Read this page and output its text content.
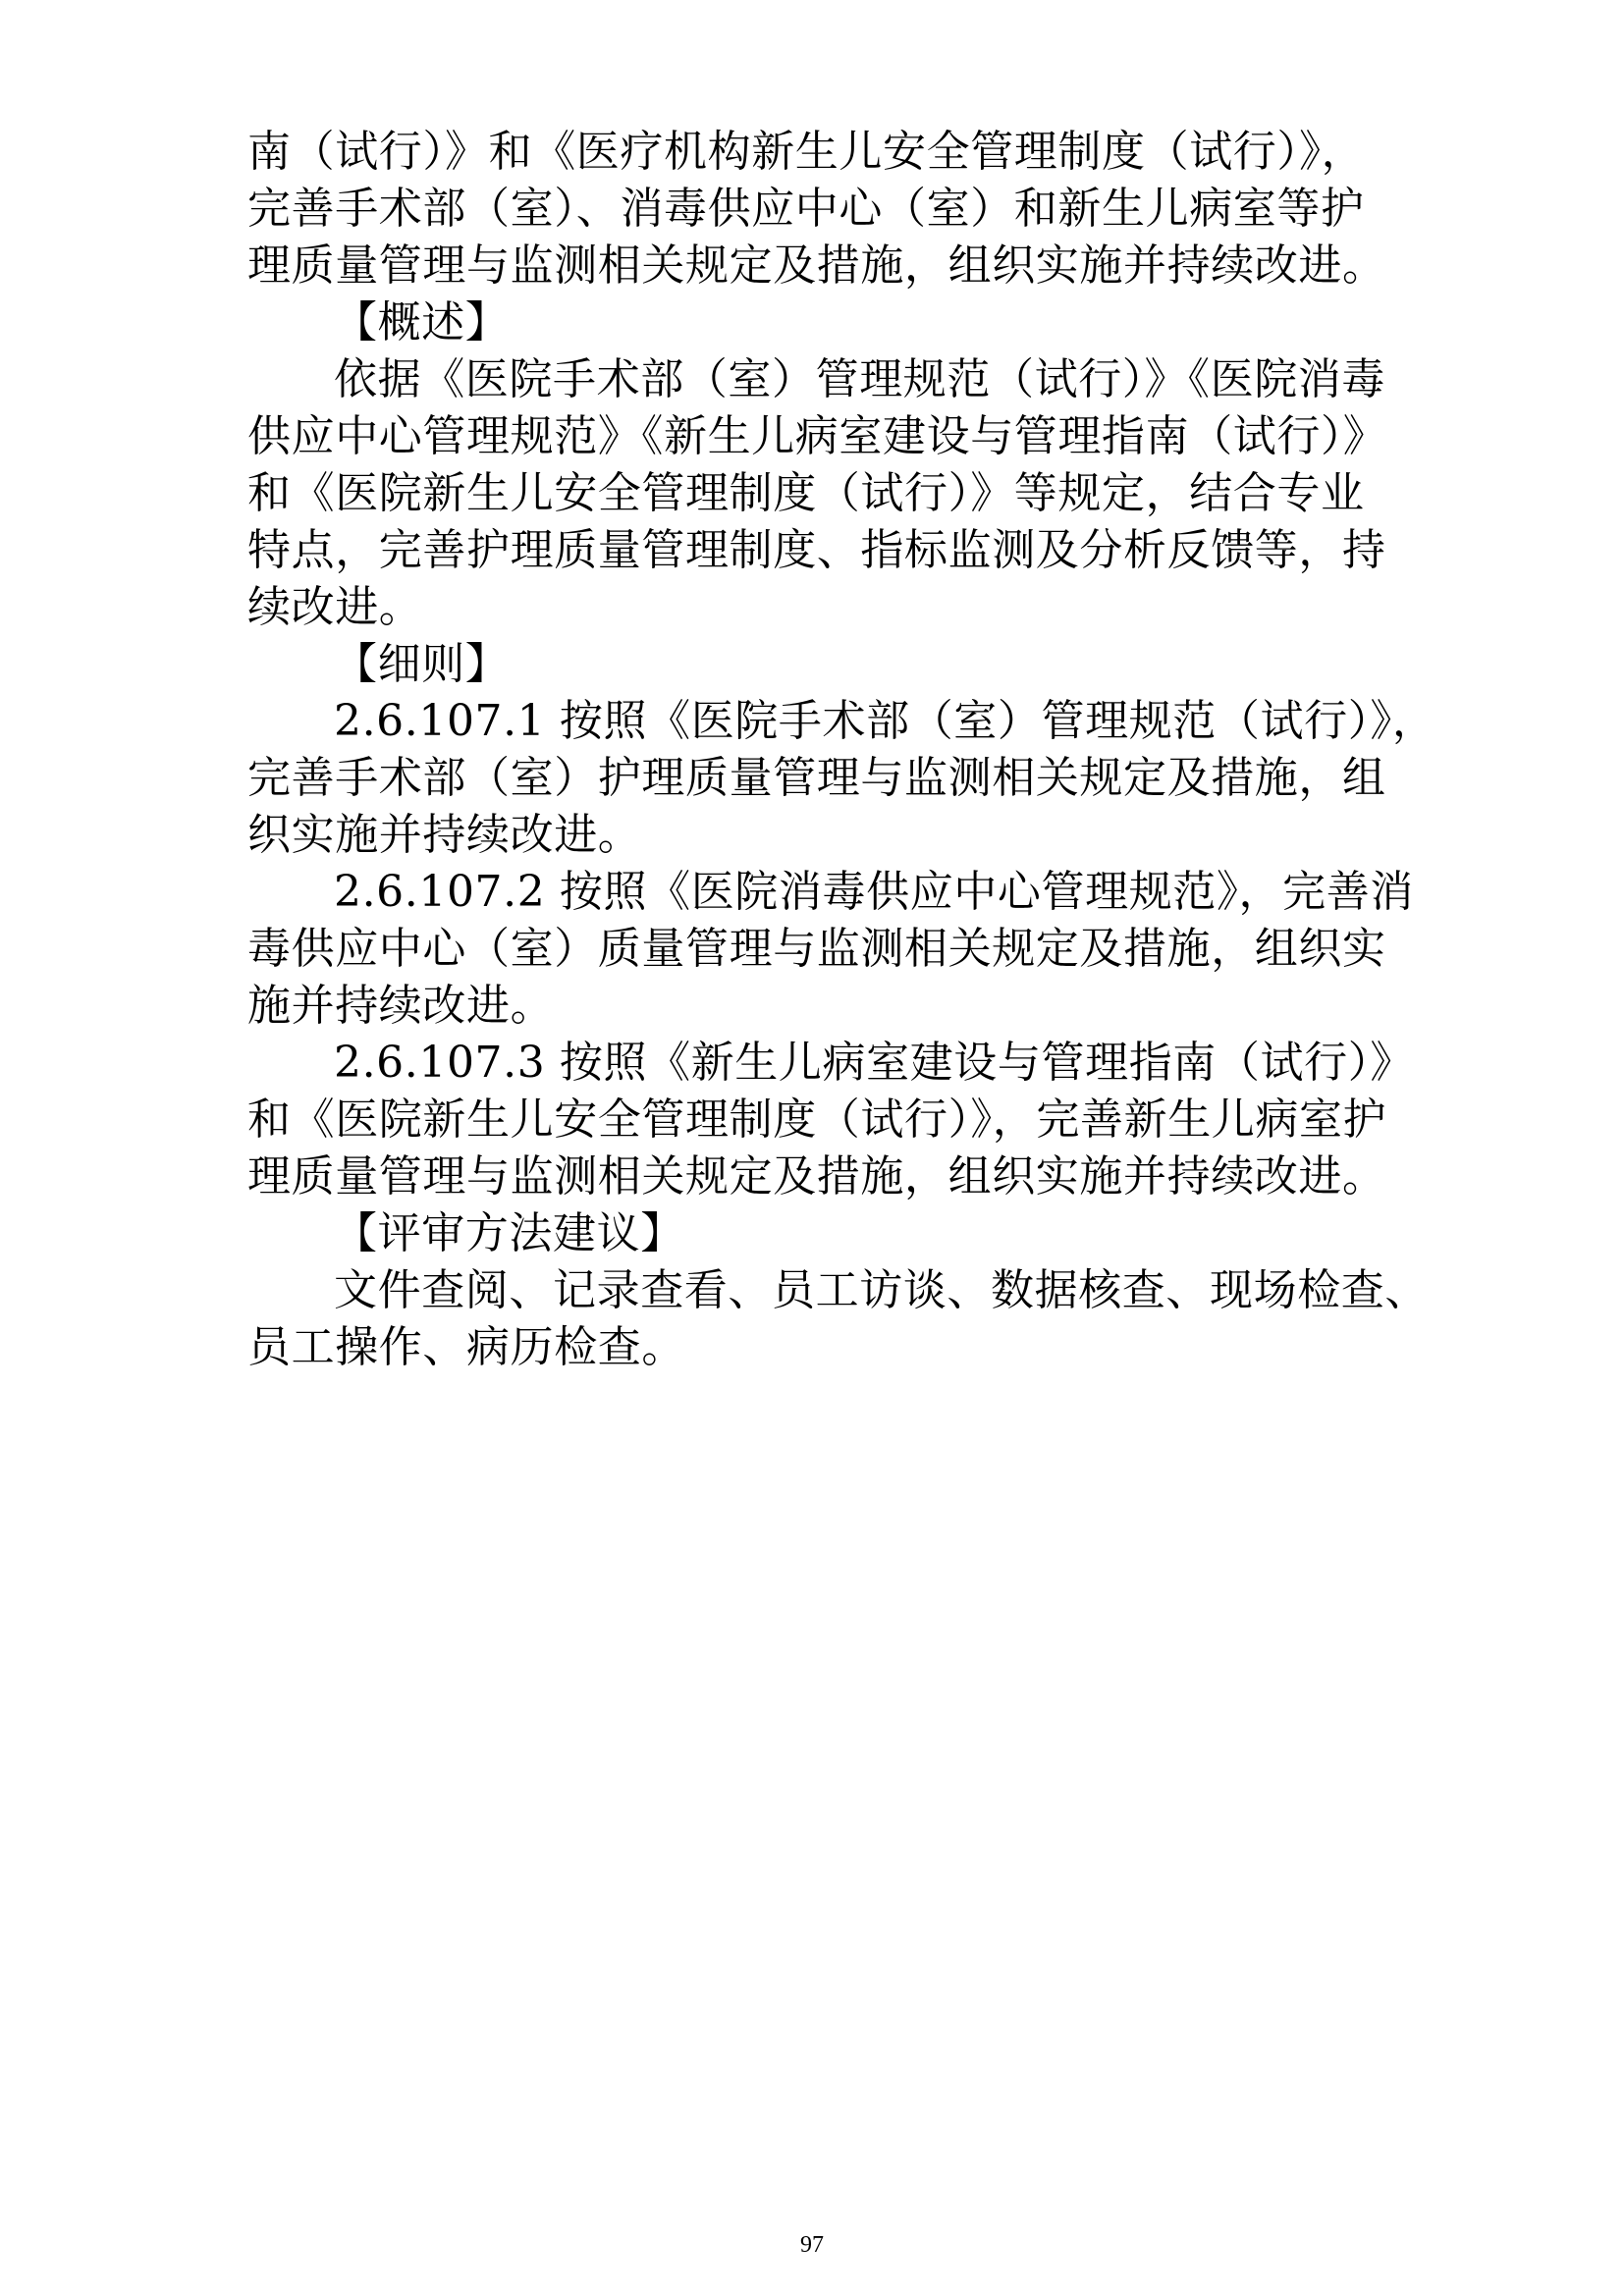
南（试行）》和《医疗机构新生儿安全管理制度（试行）》，
完善手术部（室）、消毒供应中心（室）和新生儿病室等护
理质量管理与监测相关规定及措施，组织实施并持续改进。
【概述】
依据《医院手术部（室）管理规范（试行）》《医院消毒
供应中心管理规范》《新生儿病室建设与管理指南（试行）》
和《医院新生儿安全管理制度（试行）》等规定，结合专业
特点，完善护理质量管理制度、指标监测及分析反馈等，持
续改进。
【细则】
2.6.107.1 按照《医院手术部（室）管理规范（试行）》，
完善手术部（室）护理质量管理与监测相关规定及措施，组
织实施并持续改进。
2.6.107.2 按照《医院消毒供应中心管理规范》，完善消
毒供应中心（室）质量管理与监测相关规定及措施，组织实
施并持续改进。
2.6.107.3 按照《新生儿病室建设与管理指南（试行）》
和《医院新生儿安全管理制度（试行）》，完善新生儿病室护
理质量管理与监测相关规定及措施，组织实施并持续改进。
【评审方法建议】
文件查阅、记录查看、员工访谈、数据核查、现场检查、
员工操作、病历检查。
97
